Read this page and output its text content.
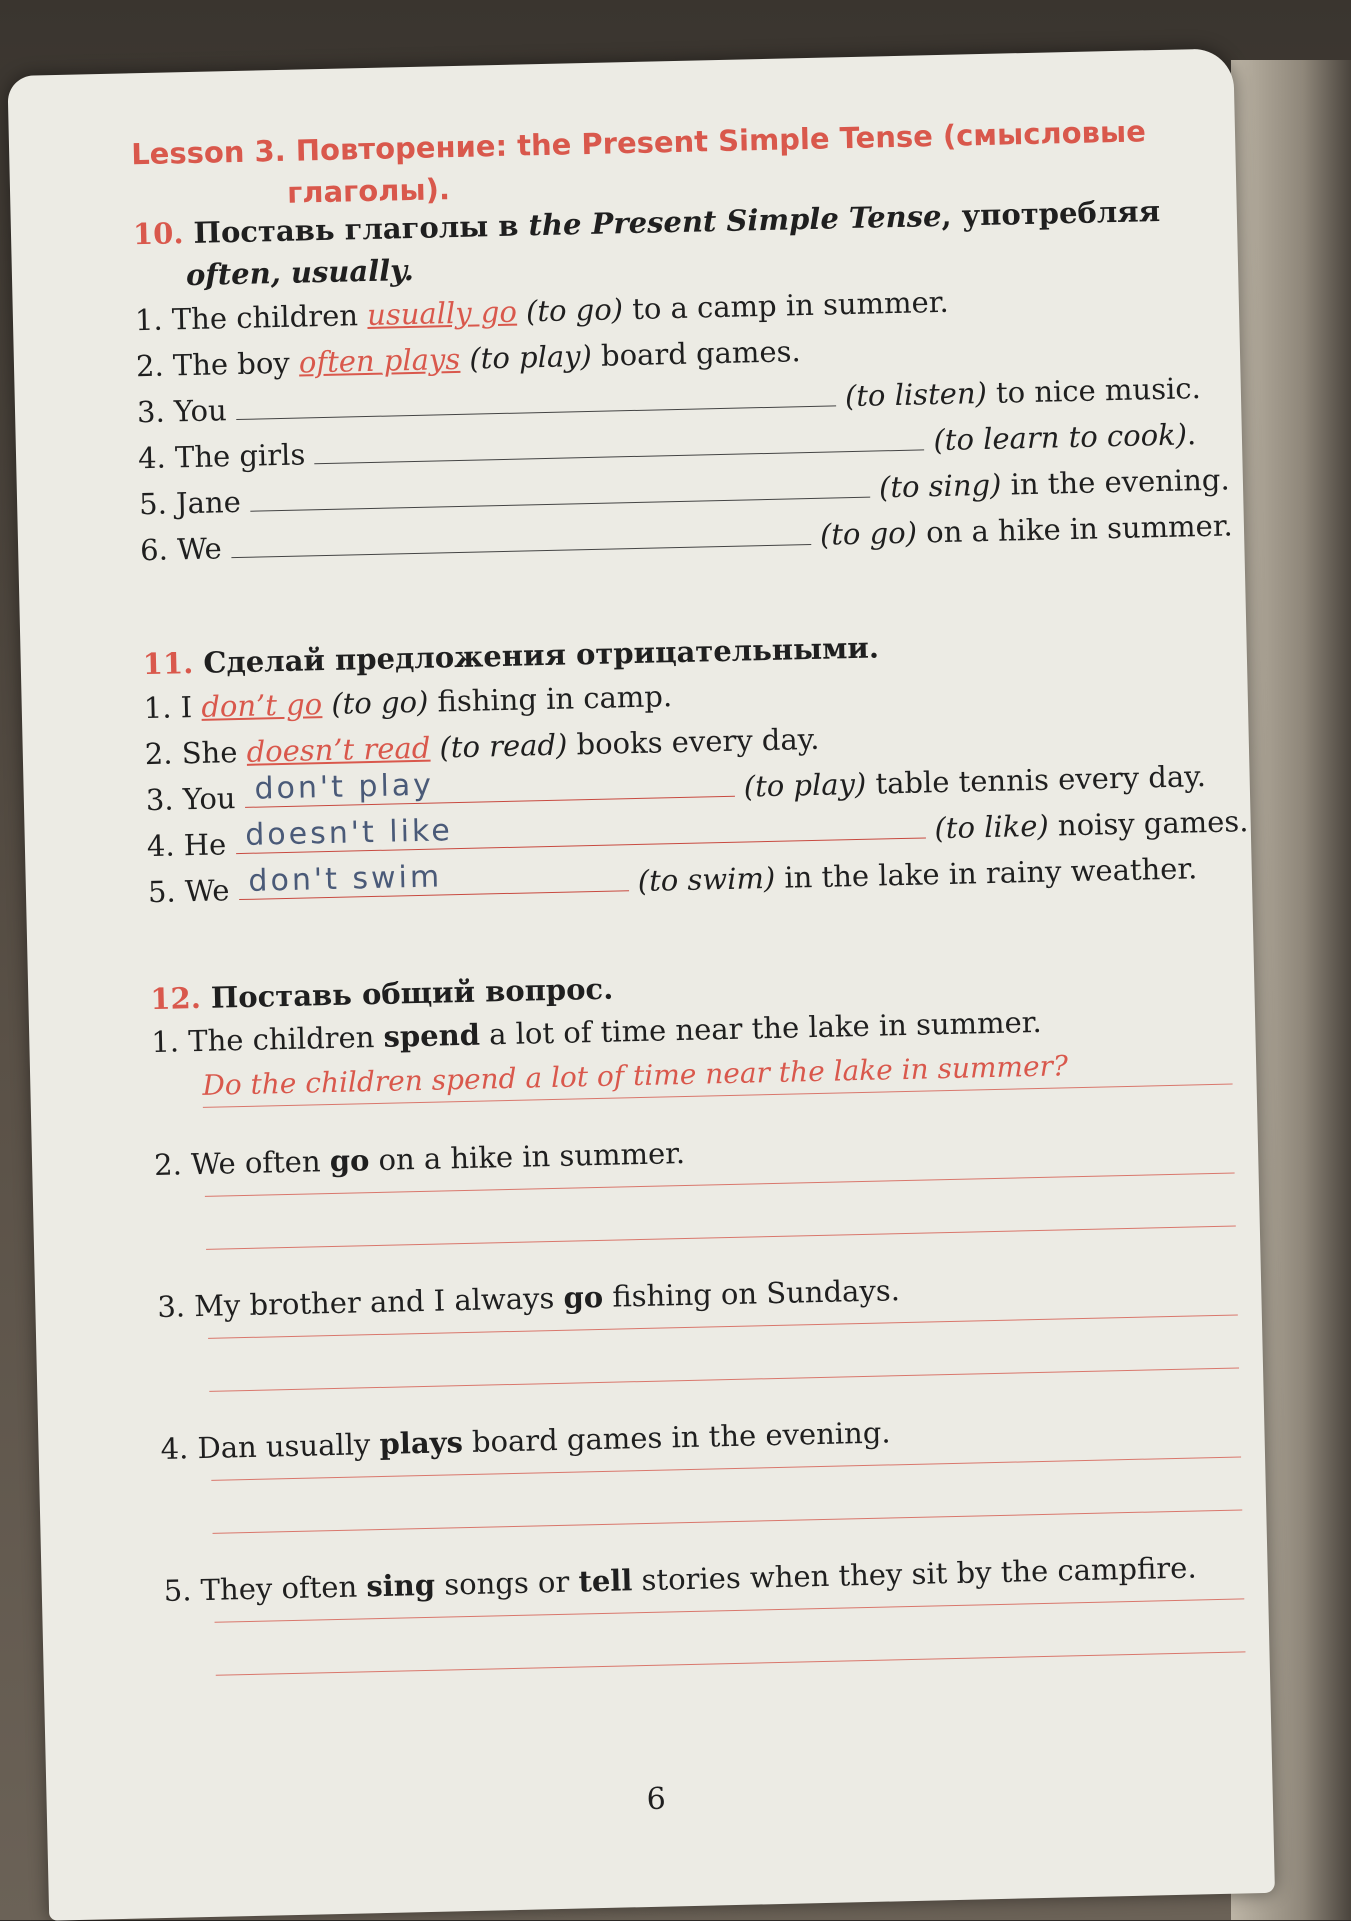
Lesson 3. Повторение: the Present Simple Tense (смысловые
глаголы).
10. Поставь глаголы в the Present Simple Tense, употребляя
often, usually.
1. The children usually go (to go) to a camp in summer.
2. The boy often plays (to play) board games.
3. You	(to listen) to nice music.
4. The girls	(to learn to cook).
5. Jane	(to sing) in the evening.
6. We	(to go) on a hike in summer.
11. Сделай предложения отрицательными.
1. I don’t go (to go) fishing in camp.
2. She doesn’t read (to read) books every day.
3. You don't play	(to play) table tennis every day.
4. He doesn't like	(to like) noisy games.
5. We don't swim	(to swim) in the lake in rainy weather.
12. Поставь общий вопрос.
1. The children spend a lot of time near the lake in summer.
Do the children spend a lot of time near the lake in summer?
2. We often go on a hike in summer.
3. My brother and I always go fishing on Sundays.
4. Dan usually plays board games in the evening.
5. They often sing songs or tell stories when they sit by the campfire.
6
